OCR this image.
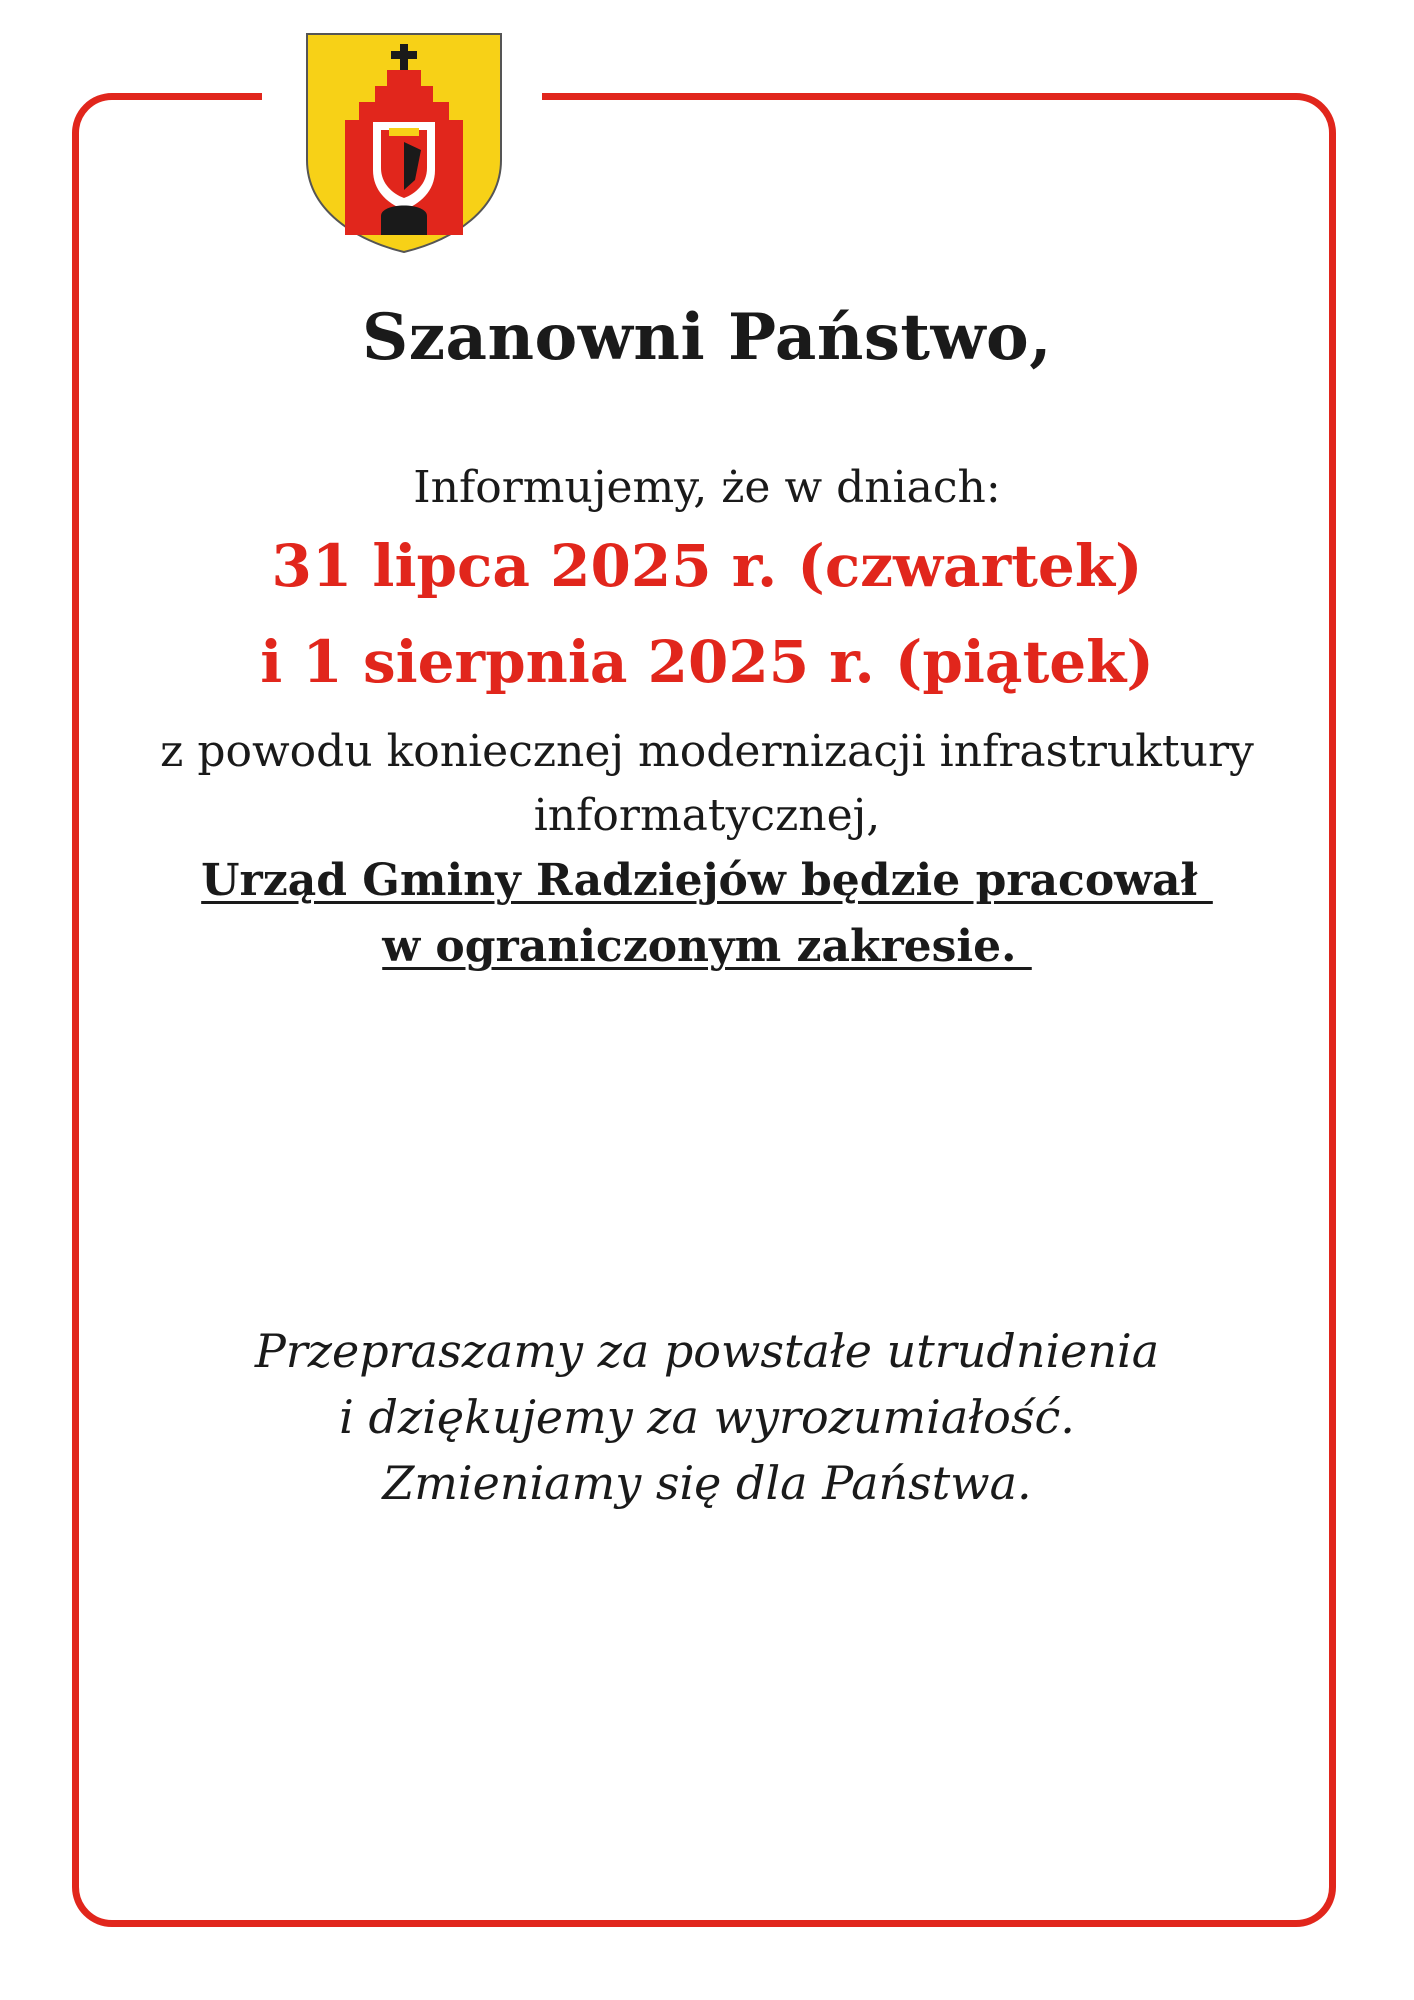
Szanowni Państwo,
Informujemy, że w dniach:
31 lipca 2025 r. (czwartek)
i 1 sierpnia 2025 r. (piątek)
z powodu koniecznej modernizacji infrastruktury
informatycznej,
Urząd Gminy Radziejów będzie pracował
w ograniczonym zakresie.
Przepraszamy za powstałe utrudnienia
i dziękujemy za wyrozumiałość.
Zmieniamy się dla Państwa.
